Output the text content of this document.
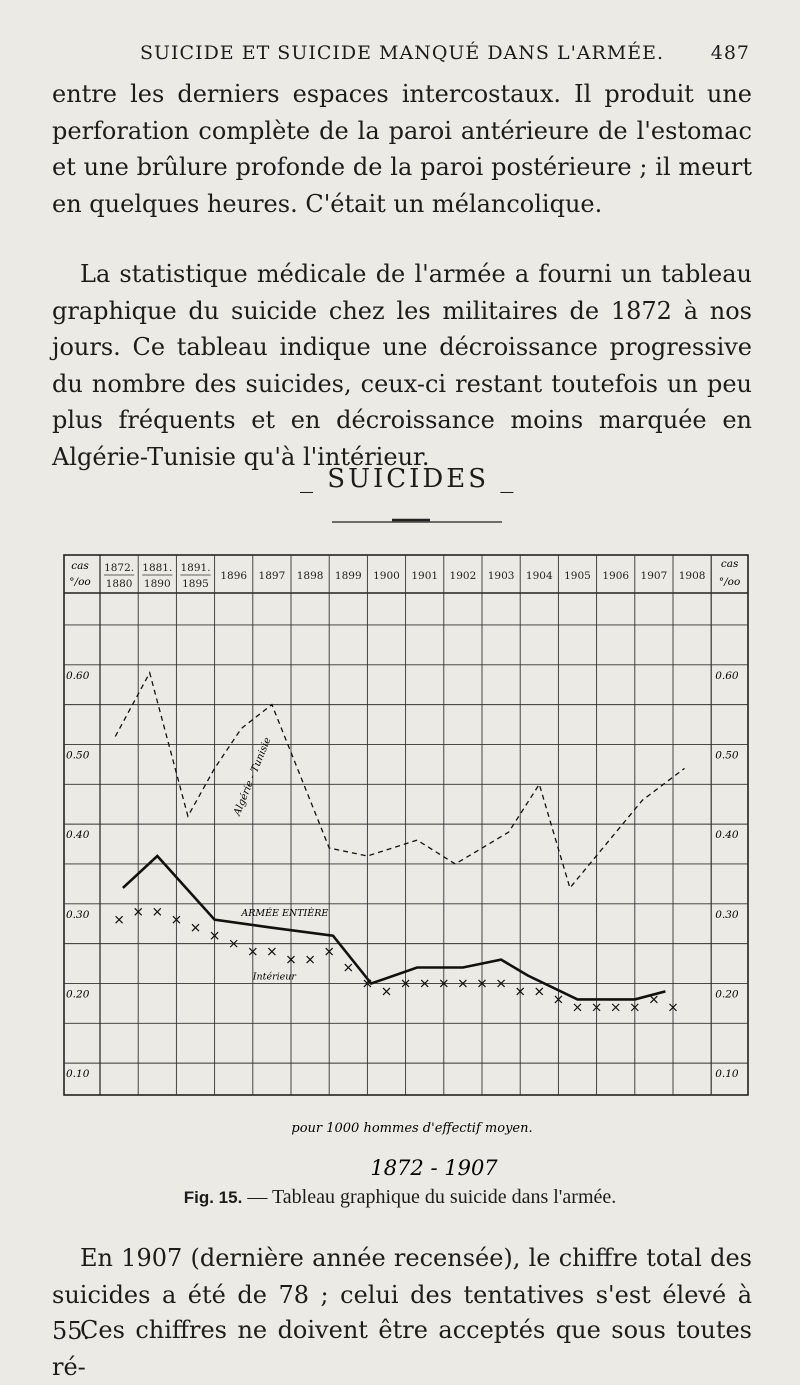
SUICIDE ET SUICIDE MANQUÉ DANS L'ARMÉE. 487
entre les derniers espaces intercostaux. Il produit une perforation complète de la paroi antérieure de l'estomac et une brûlure profonde de la paroi postérieure ; il meurt en quelques heures. C'était un mélancolique.
La statistique médicale de l'armée a fourni un tableau graphique du suicide chez les militaires de 1872 à nos jours. Ce tableau indique une décroissance progressive du nombre des suicides, ceux-ci restant toutefois un peu plus fréquents et en décroissance moins marquée en Algérie-Tunisie qu'à l'intérieur.
_ SUICIDES _
1872.
1880
1881.
1890
1891.
1895
1896 1897 1898 1899 1900 1901 1902 1903 1904 1905 1906 1907 1908
cas
°/oo
cas
°/oo
0.10	0.10
0.20	0.20
0.30	0.30
0.40	0.40
0.50	0.50
0.60	0.60
Algérie - Tunisie
ARMÉE ENTIÈRE
Intérieur
pour 1000 hommes d'effectif moyen.
1872 - 1907
Fig. 15. — Tableau graphique du suicide dans l'armée.
En 1907 (dernière année recensée), le chiffre total des suicides a été de 78 ; celui des tentatives s'est élevé à 55.
Ces chiffres ne doivent être acceptés que sous toutes ré-
